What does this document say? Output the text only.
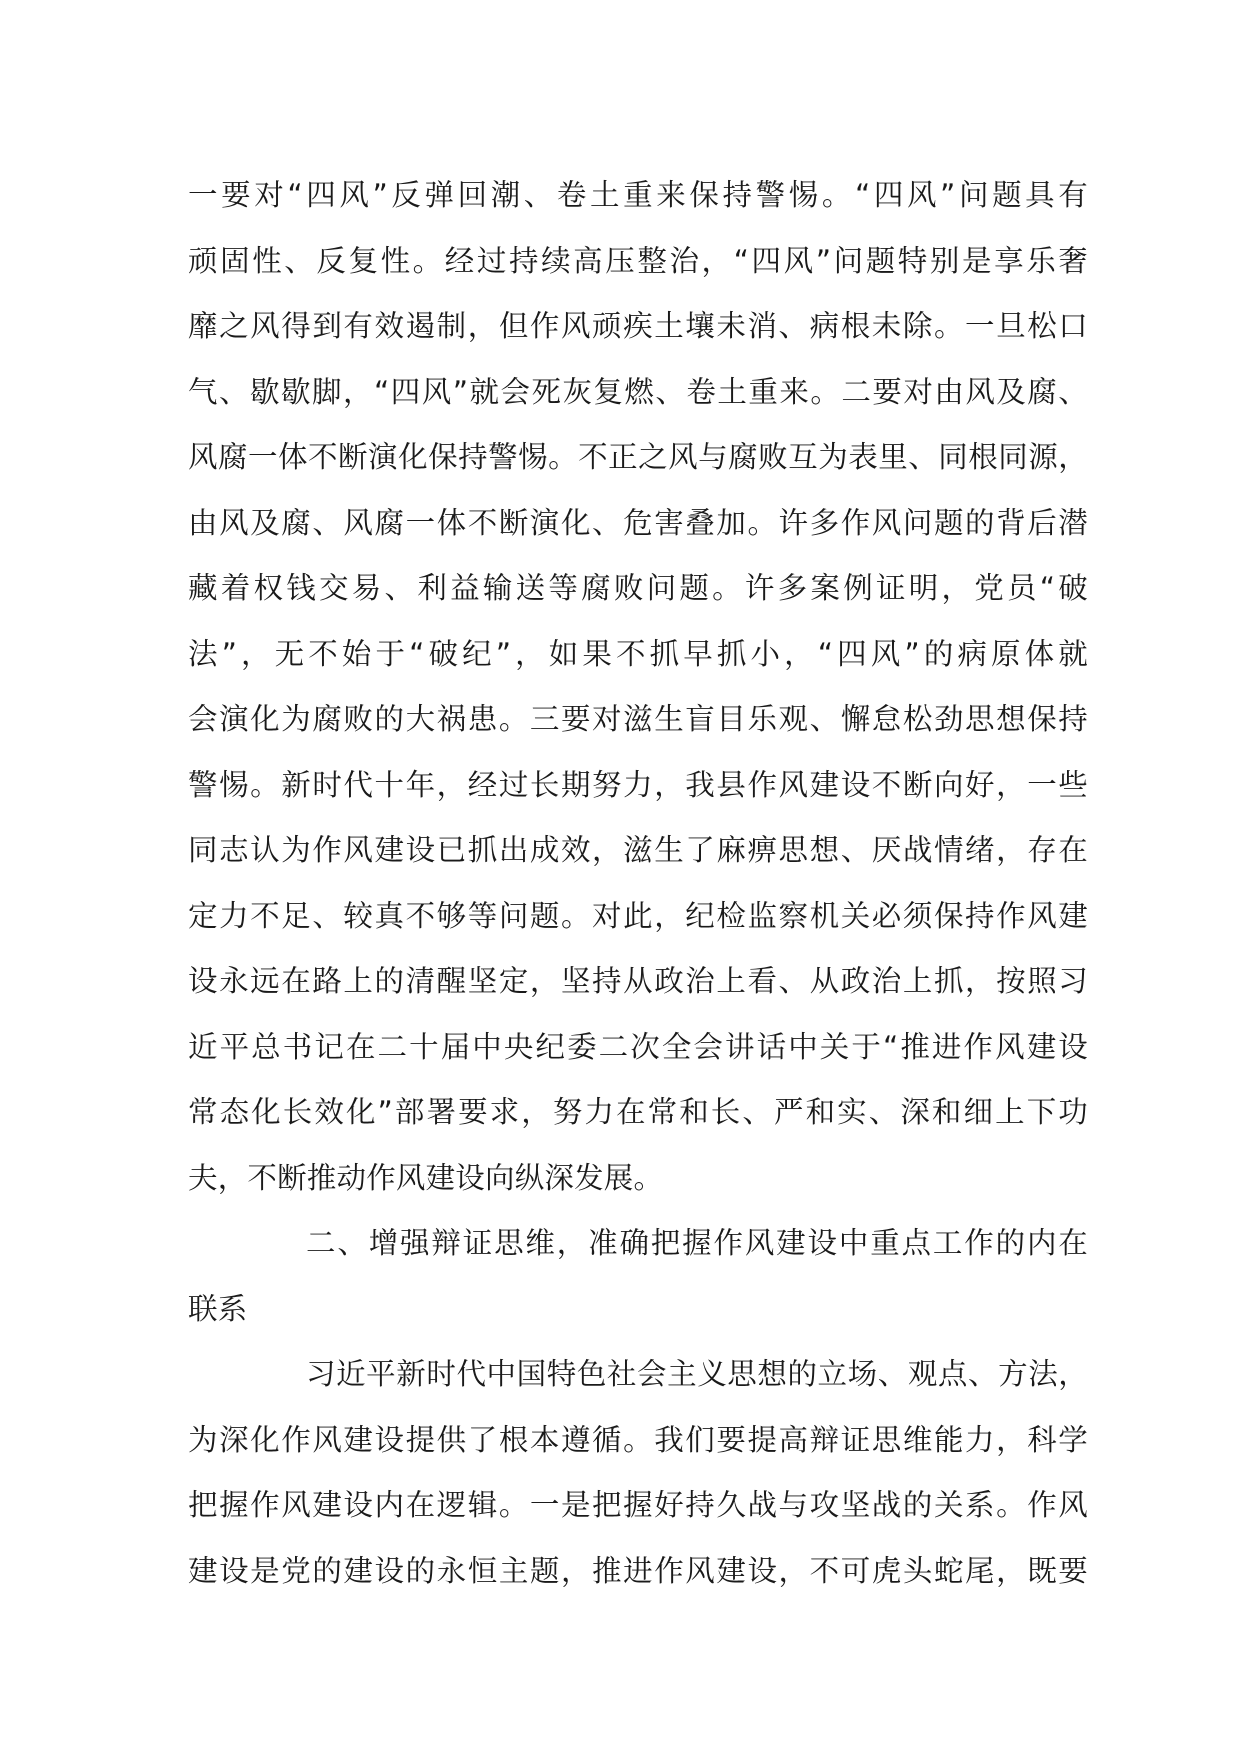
一要对“四风”反弹回潮、卷土重来保持警惕。“四风”问题具有
顽固性、反复性。经过持续高压整治，“四风”问题特别是享乐奢
靡之风得到有效遏制，但作风顽疾土壤未消、病根未除。一旦松口
气、歇歇脚，“四风”就会死灰复燃、卷土重来。二要对由风及腐、
风腐一体不断演化保持警惕。不正之风与腐败互为表里、同根同源，
由风及腐、风腐一体不断演化、危害叠加。许多作风问题的背后潜
藏着权钱交易、利益输送等腐败问题。许多案例证明，党员“破
法”，无不始于“破纪”，如果不抓早抓小，“四风”的病原体就
会演化为腐败的大祸患。三要对滋生盲目乐观、懈怠松劲思想保持
警惕。新时代十年，经过长期努力，我县作风建设不断向好，一些
同志认为作风建设已抓出成效，滋生了麻痹思想、厌战情绪，存在
定力不足、较真不够等问题。对此，纪检监察机关必须保持作风建
设永远在路上的清醒坚定，坚持从政治上看、从政治上抓，按照习
近平总书记在二十届中央纪委二次全会讲话中关于“推进作风建设
常态化长效化”部署要求，努力在常和长、严和实、深和细上下功
夫，不断推动作风建设向纵深发展。
二、增强辩证思维，准确把握作风建设中重点工作的内在
联系
习近平新时代中国特色社会主义思想的立场、观点、方法，
为深化作风建设提供了根本遵循。我们要提高辩证思维能力，科学
把握作风建设内在逻辑。一是把握好持久战与攻坚战的关系。作风
建设是党的建设的永恒主题，推进作风建设，不可虎头蛇尾，既要
